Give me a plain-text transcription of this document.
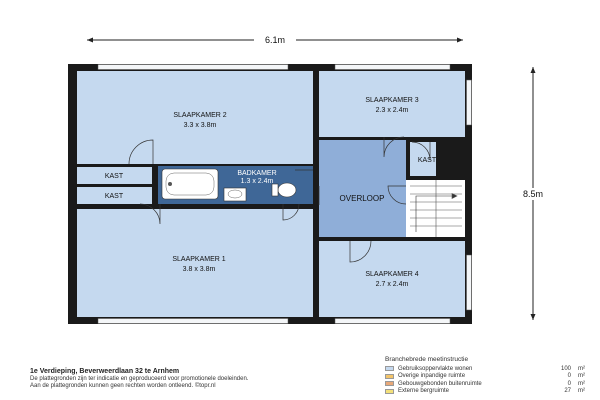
6.1m
8.5m
SLAAPKAMER 2
3.3 x 3.8m
SLAAPKAMER 3
2.3 x 2.4m
KAST
KAST
KAST
BADKAMER
1.3 x 2.4m
OVERLOOP
SLAAPKAMER 1
3.8 x 3.8m
SLAAPKAMER 4
2.7 x 2.4m
1e Verdieping, Beverweerdlaan 32 te Arnhem
De plattegronden zijn ter indicatie en geproduceerd voor promotionele doeleinden.
Aan de plattegronden kunnen geen rechten worden ontleend. ©topr.nl
Branchebrede meetinstructie
Gebruiksoppervlakte wonen	100	m²
Overige inpandige ruimte	0	m²
Gebouwgebonden buitenruimte	0	m²
Externe bergruimte	27	m²
